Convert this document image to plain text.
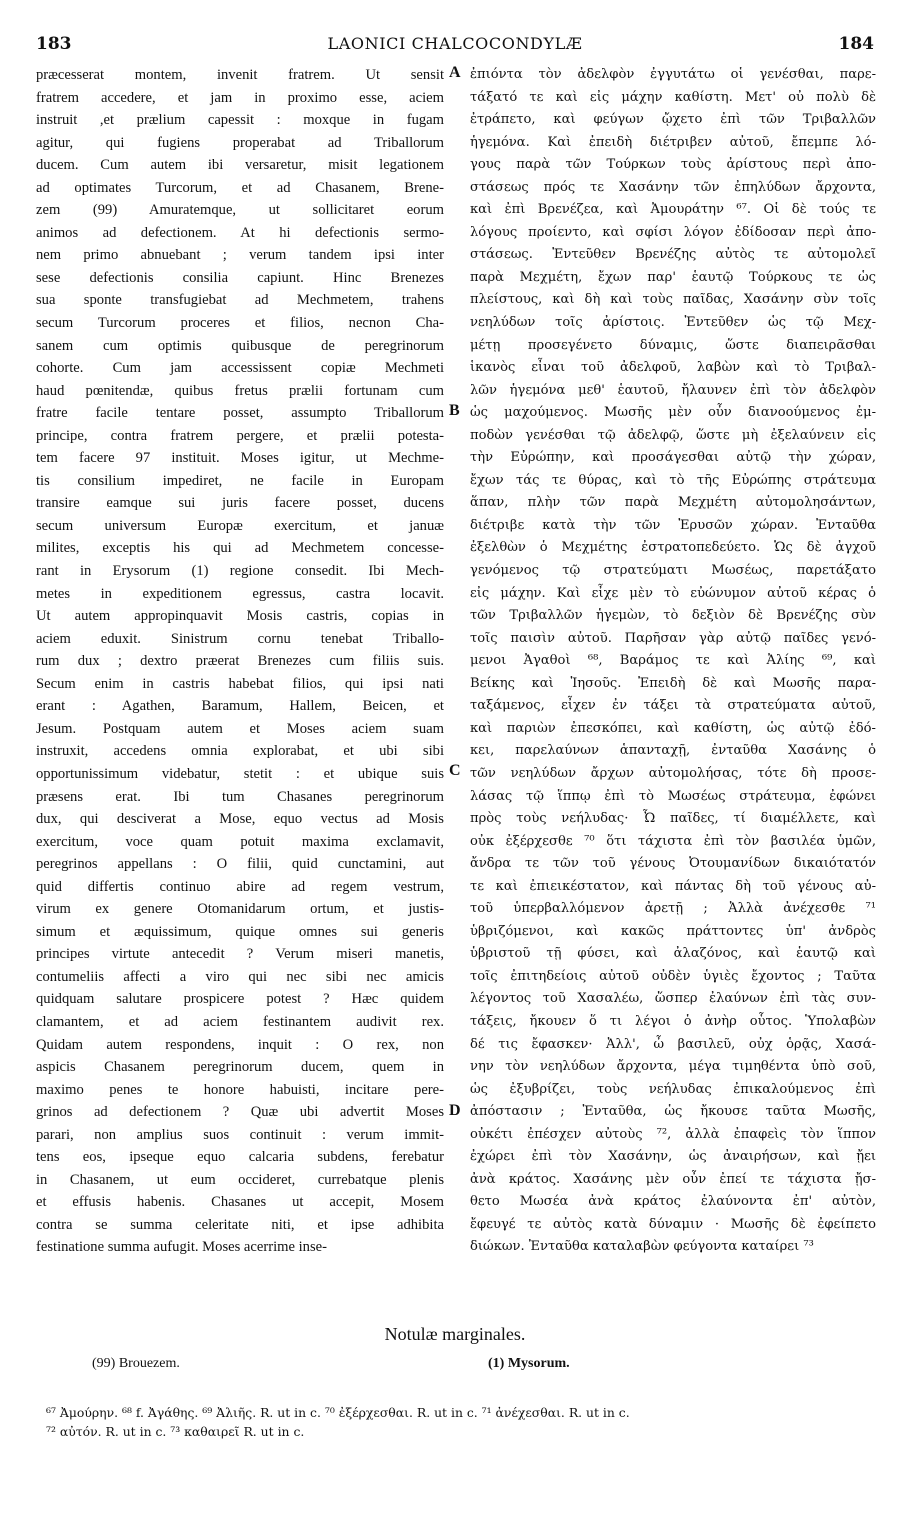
183	LAONICI CHALCOCONDYLÆ	184
præcesserat montem, invenit fratrem. Ut sensit
fratrem accedere, et jam in proximo esse, aciem
instruit ,et prælium capessit : moxque in fugam
agitur, qui fugiens properabat ad Triballorum
ducem. Cum autem ibi versaretur, misit legationem
ad optimates Turcorum, et ad Chasanem, Brene-
zem (99) Amuratemque, ut sollicitaret eorum
animos ad defectionem. At hi defectionis sermo-
nem primo abnuebant ; verum tandem ipsi inter
sese defectionis consilia capiunt. Hinc Brenezes
sua sponte transfugiebat ad Mechmetem, trahens
secum Turcorum proceres et filios, necnon Cha-
sanem cum optimis quibusque de peregrinorum
cohorte. Cum jam accessissent copiæ Mechmeti
haud pœnitendæ, quibus fretus prælii fortunam cum
fratre facile tentare posset, assumpto Triballorum
principe, contra fratrem pergere, et prælii potesta-
tem facere 97 instituit. Moses igitur, ut Mechme-
tis consilium impediret, ne facile in Europam
transire eamque sui juris facere posset, ducens
secum universum Europæ exercitum, et januæ
milites, exceptis his qui ad Mechmetem concesse-
rant in Erysorum (1) regione consedit. Ibi Mech-
metes in expeditionem egressus, castra locavit.
Ut autem appropinquavit Mosis castris, copias in
aciem eduxit. Sinistrum cornu tenebat Triballo-
rum dux ; dextro præerat Brenezes cum filiis suis.
Secum enim in castris habebat filios, qui ipsi nati
erant : Agathen, Baramum, Hallem, Beicen, et
Jesum. Postquam autem et Moses aciem suam
instruxit, accedens omnia explorabat, et ubi sibi
opportunissimum videbatur, stetit : et ubique suis
præsens erat. Ibi tum Chasanes peregrinorum
dux, qui desciverat a Mose, equo vectus ad Mosis
exercitum, voce quam potuit maxima exclamavit,
peregrinos appellans : O filii, quid cunctamini, aut
quid differtis continuo abire ad regem vestrum,
virum ex genere Otomanidarum ortum, et justis-
simum et æquissimum, quique omnes sui generis
principes virtute antecedit ? Verum miseri manetis,
contumeliis affecti a viro qui nec sibi nec amicis
quidquam salutare prospicere potest ? Hæc quidem
clamantem, et ad aciem festinantem audivit rex.
Quidam autem respondens, inquit : O rex, non
aspicis Chasanem peregrinorum ducem, quem in
maximo penes te honore habuisti, incitare pere-
grinos ad defectionem ? Quæ ubi advertit Moses
parari, non amplius suos continuit : verum immit-
tens eos, ipseque equo calcaria subdens, ferebatur
in Chasanem, ut eum occideret, currebatque plenis
et effusis habenis. Chasanes ut accepit, Mosem
contra se summa celeritate niti, et ipse adhibita
festinatione summa aufugit. Moses acerrime inse-
ἐπιόντα τὸν ἀδελφὸν ἐγγυτάτω οἱ γενέσθαι, παρε-
τάξατό τε καὶ εἰς μάχην καθίστη. Μετ' οὐ πολὺ δὲ
ἐτράπετο, καὶ φεύγων ᾤχετο ἐπὶ τῶν Τριβαλλῶν
ἡγεμόνα. Καὶ ἐπειδὴ διέτριβεν αὐτοῦ, ἔπεμπε λό-
γους παρὰ τῶν Τούρκων τοὺς ἀρίστους περὶ ἀπο-
στάσεως πρός τε Χασάνην τῶν ἐπηλύδων ἄρχοντα,
καὶ ἐπὶ Βρενέζεα, καὶ Ἀμουράτην ⁶⁷. Οἱ δὲ τούς τε
λόγους προίεντο, καὶ σφίσι λόγον ἐδίδοσαν περὶ ἀπο-
στάσεως. Ἐντεῦθεν Βρενέζης αὐτὸς τε αὐτομολεῖ
παρὰ Μεχμέτη, ἔχων παρ' ἑαυτῷ Τούρκους τε ὡς
πλείστους, καὶ δὴ καὶ τοὺς παῖδας, Χασάνην σὺν τοῖς
νεηλύδων τοῖς ἀρίστοις. Ἐντεῦθεν ὡς τῷ Μεχ-
μέτῃ προσεγένετο δύναμις, ὥστε διαπειρᾶσθαι
ἱκανὸς εἶναι τοῦ ἀδελφοῦ, λαβὼν καὶ τὸ Τριβαλ-
λῶν ἡγεμόνα μεθ' ἑαυτοῦ, ἤλαυνεν ἐπὶ τὸν ἀδελφὸν
ὡς μαχούμενος. Μωσῆς μὲν οὖν διανοούμενος ἐμ-
ποδὼν γενέσθαι τῷ ἀδελφῷ, ὥστε μὴ ἐξελαύνειν εἰς
τὴν Εὐρώπην, καὶ προσάγεσθαι αὐτῷ τὴν χώραν,
ἔχων τάς τε θύρας, καὶ τὸ τῆς Εὐρώπης στράτευμα
ἅπαν, πλὴν τῶν παρὰ Μεχμέτη αὐτομολησάντων,
διέτριβε κατὰ τὴν τῶν Ἐρυσῶν χώραν. Ἐνταῦθα
ἐξελθὼν ὁ Μεχμέτης ἐστρατοπεδεύετο. Ὡς δὲ ἀγχοῦ
γενόμενος τῷ στρατεύματι Μωσέως, παρετάξατο
εἰς μάχην. Καὶ εἶχε μὲν τὸ εὐώνυμον αὐτοῦ κέρας ὁ
τῶν Τριβαλλῶν ἡγεμὼν, τὸ δεξιὸν δὲ Βρενέζης σὺν
τοῖς παισὶν αὐτοῦ. Παρῆσαν γὰρ αὐτῷ παῖδες γενό-
μενοι Ἀγαθοὶ ⁶⁸, Βαράμος τε καὶ Ἀλίης ⁶⁹, καὶ
Βείκης καὶ Ἰησοῦς. Ἐπειδὴ δὲ καὶ Μωσῆς παρα-
ταξάμενος, εἶχεν ἐν τάξει τὰ στρατεύματα αὐτοῦ,
καὶ παριὼν ἐπεσκόπει, καὶ καθίστη, ὡς αὐτῷ ἐδό-
κει, παρελαύνων ἁπανταχῇ, ἐνταῦθα Χασάνης ὁ
τῶν νεηλύδων ἄρχων αὐτομολήσας, τότε δὴ προσε-
λάσας τῷ ἵππῳ ἐπὶ τὸ Μωσέως στράτευμα, ἐφώνει
πρὸς τοὺς νεήλυδας· Ὦ παῖδες, τί διαμέλλετε, καὶ
οὐκ ἐξέρχεσθε ⁷⁰ ὅτι τάχιστα ἐπὶ τὸν βασιλέα ὑμῶν,
ἄνδρα τε τῶν τοῦ γένους Ὀτουμανίδων δικαιότατόν
τε καὶ ἐπιεικέστατον, καὶ πάντας δὴ τοῦ γένους αὐ-
τοῦ ὑπερβαλλόμενον ἀρετῇ ; Ἀλλὰ ἀνέχεσθε ⁷¹
ὑβριζόμενοι, καὶ κακῶς πράττοντες ὑπ' ἀνδρὸς
ὑβριστοῦ τῇ φύσει, καὶ ἀλαζόνος, καὶ ἑαυτῷ καὶ
τοῖς ἐπιτηδείοις αὐτοῦ οὐδὲν ὑγιὲς ἔχοντος ; Ταῦτα
λέγοντος τοῦ Χασαλέω, ὥσπερ ἐλαύνων ἐπὶ τὰς συν-
τάξεις, ἤκουεν ὅ τι λέγοι ὁ ἀνὴρ οὗτος. Ὑπολαβὼν
δέ τις ἔφασκεν· Ἀλλ', ὦ βασιλεῦ, οὐχ ὁρᾷς, Χασά-
νην τὸν νεηλύδων ἄρχοντα, μέγα τιμηθέντα ὑπὸ σοῦ,
ὡς ἐξυβρίζει, τοὺς νεήλυδας ἐπικαλούμενος ἐπὶ
ἀπόστασιν ; Ἐνταῦθα, ὡς ἤκουσε ταῦτα Μωσῆς,
οὐκέτι ἐπέσχεν αὐτοὺς ⁷², ἀλλὰ ἐπαφεὶς τὸν ἵππον
ἐχώρει ἐπὶ τὸν Χασάνην, ὡς ἀναιρήσων, καὶ ᾔει
ἀνὰ κράτος. Χασάνης μὲν οὖν ἐπεί τε τάχιστα ᾔσ-
θετο Μωσέα ἀνὰ κράτος ἐλαύνοντα ἐπ' αὐτὸν,
ἔφευγέ τε αὐτὸς κατὰ δύναμιν · Μωσῆς δὲ ἐφείπετο
διώκων. Ἐνταῦθα καταλαβὼν φεύγοντα καταίρει ⁷³
A
B
C
D
Notulæ marginales.
(99) Brouezem.	(1) Mysorum.
⁶⁷ Ἀμούρην. ⁶⁸ f. Ἀγάθης. ⁶⁹ Ἀλιῆς. R. ut in c. ⁷⁰ ἐξέρχεσθαι. R. ut in c. ⁷¹ ἀνέχεσθαι. R. ut in c.
⁷² αὐτόν. R. ut in c. ⁷³ καθαιρεῖ R. ut in c.
